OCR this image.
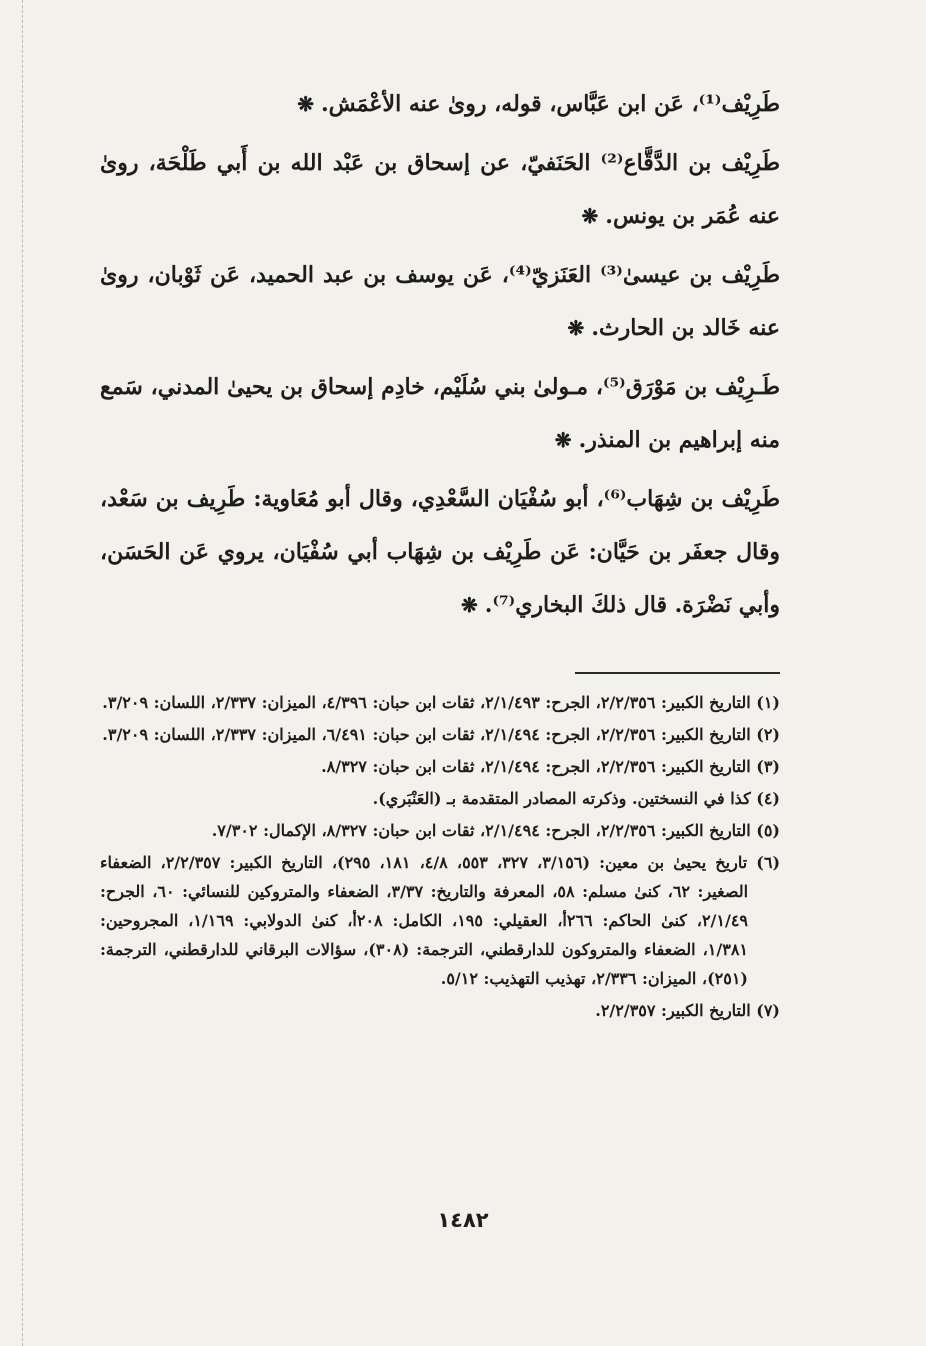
طَرِيْف⁽¹⁾، عَن ابن عَبَّاس، قوله، روىٰ عنه الأعْمَش. ❋

طَرِيْف بن الدَّقَّاع⁽²⁾ الحَنَفيّ، عن إسحاق بن عَبْد الله بن أَبي طَلْحَة، روىٰ عنه عُمَر بن يونس. ❋

طَرِيْف بن عيسىٰ⁽³⁾ العَنَزيّ⁽⁴⁾، عَن يوسف بن عبد الحميد، عَن ثَوْبان، روىٰ عنه خَالد بن الحارث. ❋

طَـرِيْف بن مَوْرَق⁽⁵⁾، مـولىٰ بني سُلَيْم، خادِم إسحاق بن يحيىٰ المدني، سَمع منه إبراهيم بن المنذر. ❋

طَرِيْف بن شِهَاب⁽⁶⁾، أبو سُفْيَان السَّعْدِي، وقال أبو مُعَاوية: طَرِيف بن سَعْد، وقال جعفَر بن حَيَّان: عَن طَرِيْف بن شِهَاب أبي سُفْيَان، يروي عَن الحَسَن، وأبي نَضْرَة. قال ذلكَ البخاري⁽⁷⁾. ❋

(١) التاريخ الكبير: ٢/٢/٣٥٦، الجرح: ٢/١/٤٩٣، ثقات ابن حبان: ٤/٣٩٦، الميزان: ٢/٣٣٧، اللسان: ٣/٢٠٩.

(٢) التاريخ الكبير: ٢/٢/٣٥٦، الجرح: ٢/١/٤٩٤، ثقات ابن حبان: ٦/٤٩١، الميزان: ٢/٣٣٧، اللسان: ٣/٢٠٩.

(٣) التاريخ الكبير: ٢/٢/٣٥٦، الجرح: ٢/١/٤٩٤، ثقات ابن حبان: ٨/٣٢٧.

(٤) كذا في النسختين. وذكرته المصادر المتقدمة بـ (العَنْبَري).

(٥) التاريخ الكبير: ٢/٢/٣٥٦، الجرح: ٢/١/٤٩٤، ثقات ابن حبان: ٨/٣٢٧، الإكمال: ٧/٣٠٢.

(٦) تاريخ يحيىٰ بن معين: (٣/١٥٦، ٣٢٧، ٥٥٣، ٤/٨، ١٨١، ٢٩٥)، التاريخ الكبير: ٢/٢/٣٥٧، الضعفاء الصغير: ٦٢، كنىٰ مسلم: ٥٨، المعرفة والتاريخ: ٣/٣٧، الضعفاء والمتروكين للنسائي: ٦٠، الجرح: ٢/١/٤٩، كنىٰ الحاكم: ٢٦٦أ، العقيلي: ١٩٥، الكامل: ٢٠٨أ، كنىٰ الدولابي: ١/١٦٩، المجروحين: ١/٣٨١، الضعفاء والمتروكون للدارقطني، الترجمة: (٣٠٨)، سؤالات البرقاني للدارقطني، الترجمة: (٢٥١)، الميزان: ٢/٣٣٦، تهذيب التهذيب: ٥/١٢.

(٧) التاريخ الكبير: ٢/٢/٣٥٧.

١٤٨٢
